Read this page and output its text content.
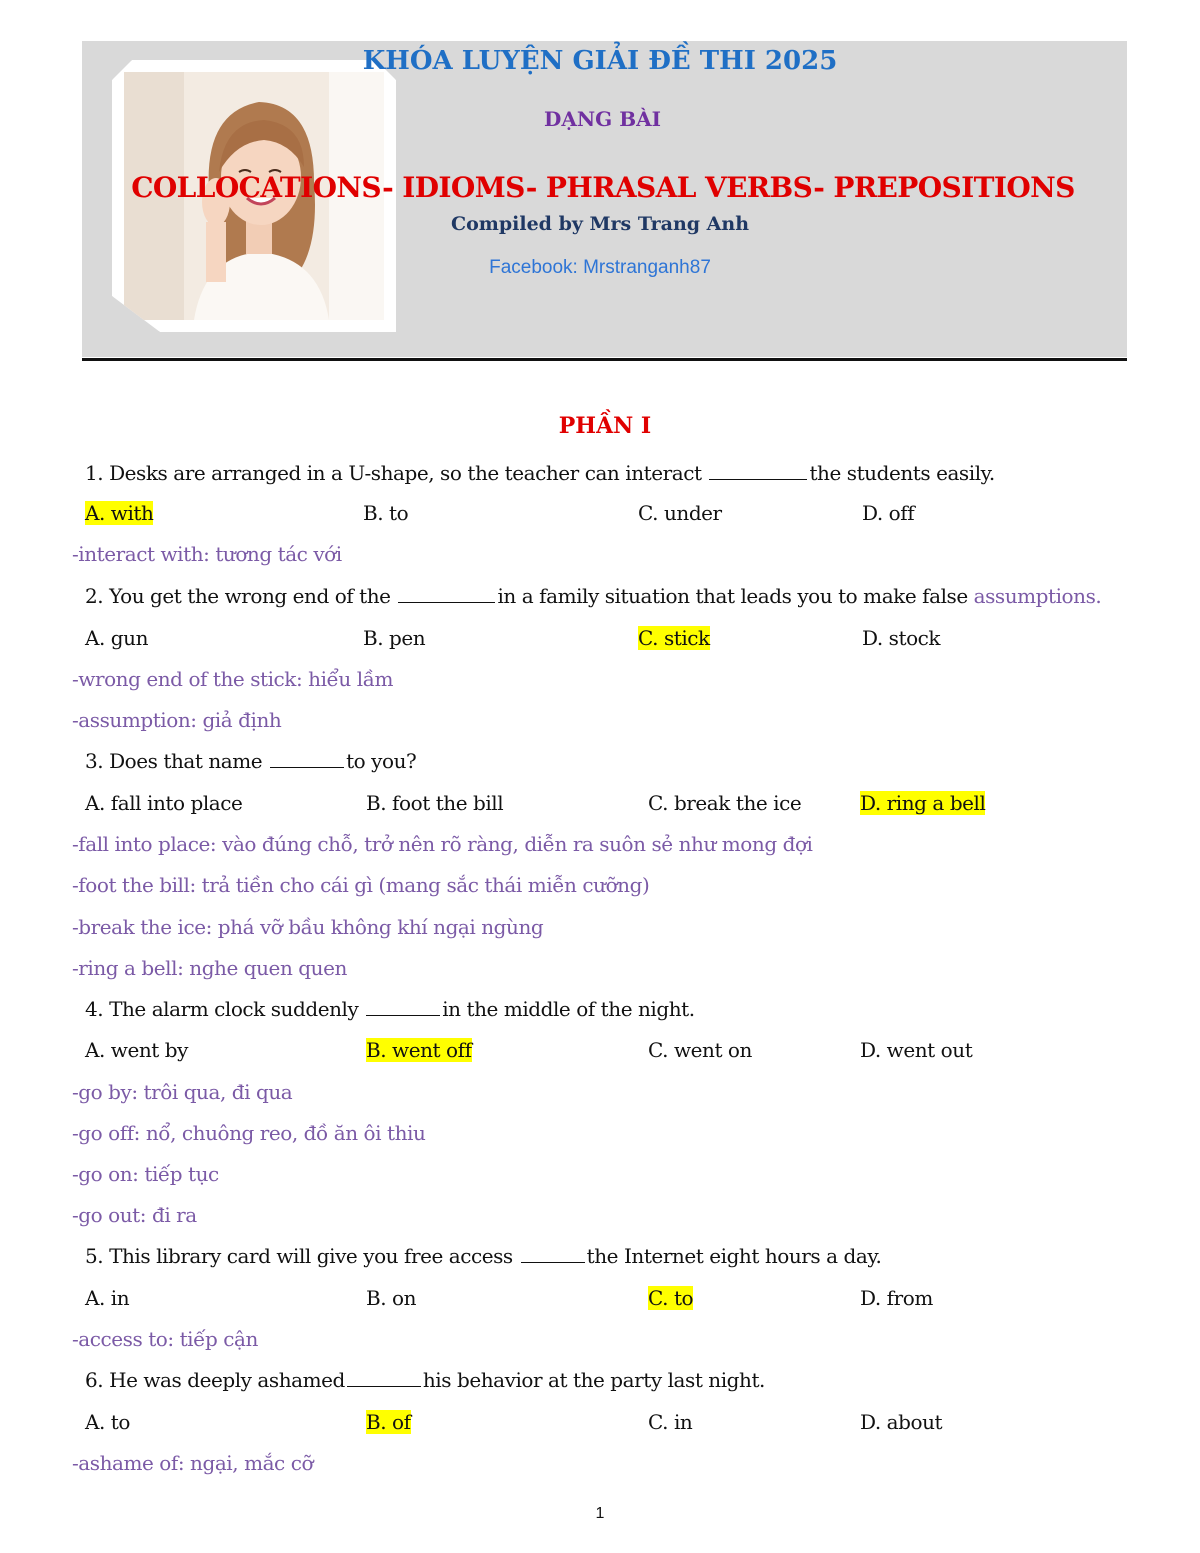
KHÓA LUYỆN GIẢI ĐỀ THI 2025
DẠNG BÀI
COLLOCATIONS- IDIOMS- PHRASAL VERBS- PREPOSITIONS
Compiled by Mrs Trang Anh
Facebook: Mrstranganh87
PHẦN I
1. Desks are arranged in a U-shape, so the teacher can interact	the students easily.
A. with	B. to	C. under	D. off
-interact with: tương tác với
2. You get the wrong end of the	in a family situation that leads you to make false assumptions.
A. gun	B. pen	C. stick	D. stock
-wrong end of the stick: hiểu lầm
-assumption: giả định
3. Does that name	to you?
A. fall into place	B. foot the bill	C. break the ice	D. ring a bell
-fall into place: vào đúng chỗ, trở nên rõ ràng, diễn ra suôn sẻ như mong đợi
-foot the bill: trả tiền cho cái gì (mang sắc thái miễn cưỡng)
-break the ice: phá vỡ bầu không khí ngại ngùng
-ring a bell: nghe quen quen
4. The alarm clock suddenly	in the middle of the night.
A. went by	B. went off	C. went on	D. went out
-go by: trôi qua, đi qua
-go off: nổ, chuông reo, đồ ăn ôi thiu
-go on: tiếp tục
-go out: đi ra
5. This library card will give you free access	the Internet eight hours a day.
A. in	B. on	C. to	D. from
-access to: tiếp cận
6. He was deeply ashamed	his behavior at the party last night.
A. to	B. of	C. in	D. about
-ashame of: ngại, mắc cỡ
1
